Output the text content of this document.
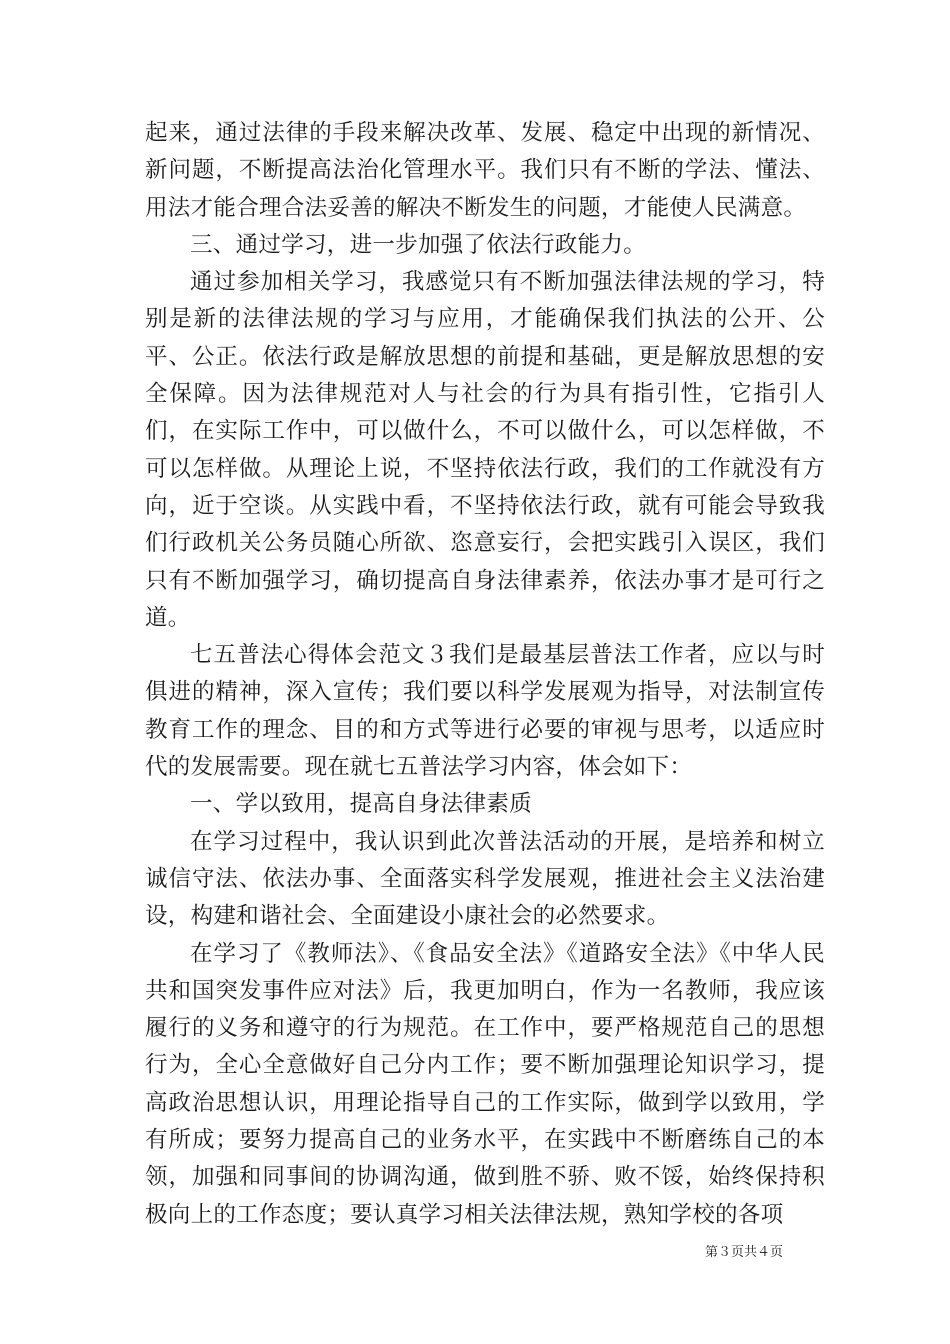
起来，通过法律的手段来解决改革、发展、稳定中出现的新情况、新问题，不断提高法治化管理水平。我们只有不断的学法、懂法、用法才能合理合法妥善的解决不断发生的问题，才能使人民满意。

三、通过学习，进一步加强了依法行政能力。

通过参加相关学习，我感觉只有不断加强法律法规的学习，特别是新的法律法规的学习与应用，才能确保我们执法的公开、公平、公正。依法行政是解放思想的前提和基础，更是解放思想的安全保障。因为法律规范对人与社会的行为具有指引性，它指引人们，在实际工作中，可以做什么，不可以做什么，可以怎样做，不可以怎样做。从理论上说，不坚持依法行政，我们的工作就没有方向，近于空谈。从实践中看，不坚持依法行政，就有可能会导致我们行政机关公务员随心所欲、恣意妄行，会把实践引入误区，我们只有不断加强学习，确切提高自身法律素养，依法办事才是可行之道。

七五普法心得体会范文３我们是最基层普法工作者，应以与时俱进的精神，深入宣传；我们要以科学发展观为指导，对法制宣传教育工作的理念、目的和方式等进行必要的审视与思考，以适应时代的发展需要。现在就七五普法学习内容，体会如下：

一、学以致用，提高自身法律素质

在学习过程中，我认识到此次普法活动的开展，是培养和树立诚信守法、依法办事、全面落实科学发展观，推进社会主义法治建设，构建和谐社会、全面建设小康社会的必然要求。

在学习了《教师法》、《食品安全法》《道路安全法》《中华人民共和国突发事件应对法》后，我更加明白，作为一名教师，我应该履行的义务和遵守的行为规范。在工作中，要严格规范自己的思想行为，全心全意做好自己分内工作；要不断加强理论知识学习，提高政治思想认识，用理论指导自己的工作实际，做到学以致用，学有所成；要努力提高自己的业务水平，在实践中不断磨练自己的本领，加强和同事间的协调沟通，做到胜不骄、败不馁，始终保持积极向上的工作态度；要认真学习相关法律法规，熟知学校的各项

第３页共４页
